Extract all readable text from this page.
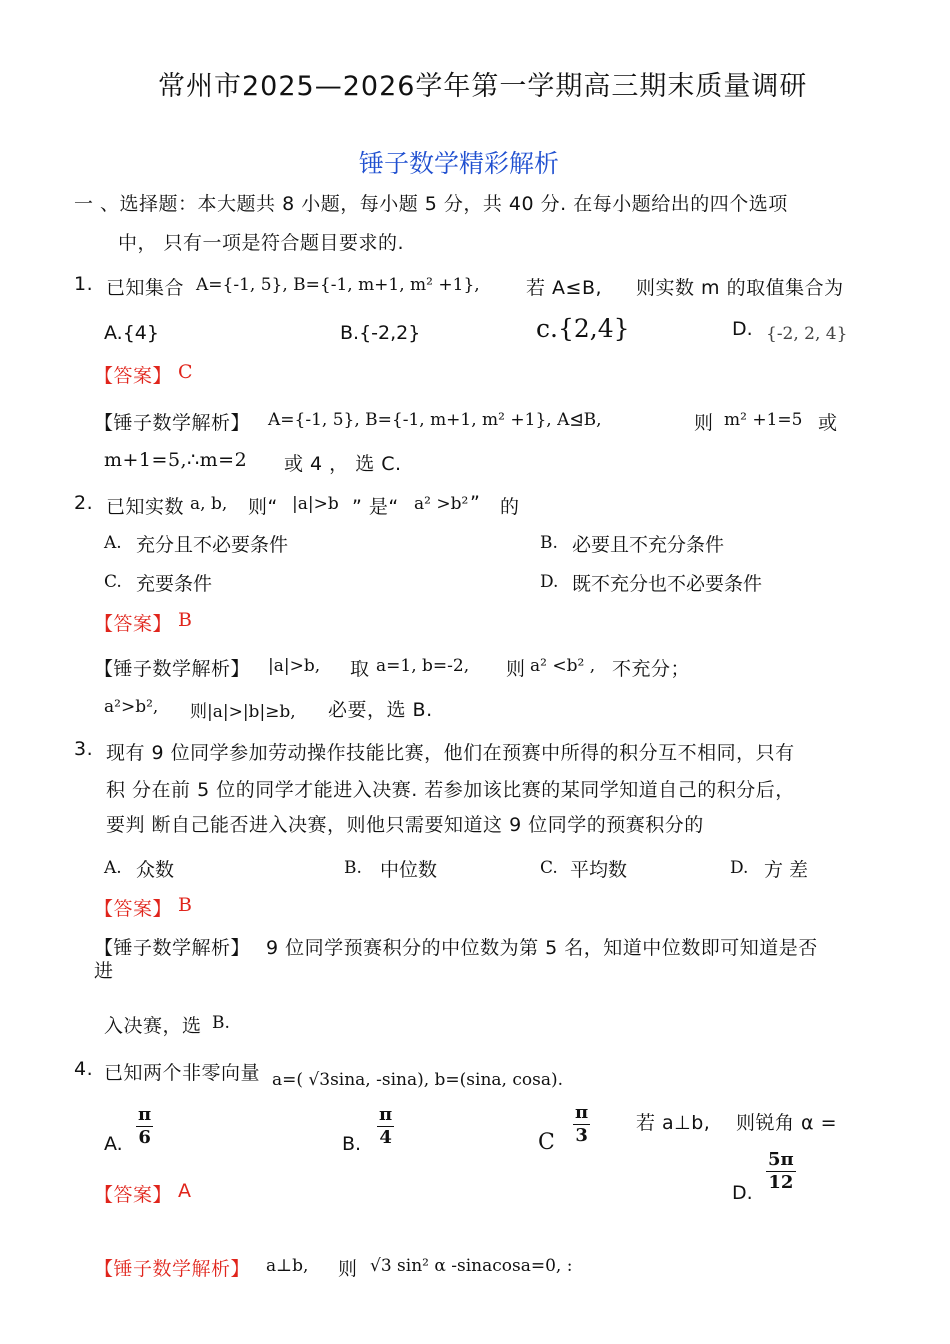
常州市2025—2026学年第一学期高三期末质量调研
锤子数学精彩解析
一 、选择题：本大题共 8 小题，每小题 5 分，共 40 分. 在每小题给出的四个选项
中， 只有一项是符合题目要求的.
1. 已知集合 A={-1, 5}, B={-1, m+1, m² +1}, 若 A≤B, 则实数 m 的取值集合为
A.{4}	B.{-2,2}	c.{2,4}	D. {-2, 2, 4}
【答案】 C
【锤子数学解析】 A={-1, 5}, B={-1, m+1, m² +1}, A⊴B,	则 m² +1=5 或
m+1=5,∴m=2 或 4 ， 选 C.
2. 已知实数 a, b, 则“ |a|>b ” 是“ a² >b² ” 的
A. 充分且不必要条件	B. 必要且不充分条件
C. 充要条件	D. 既不充分也不必要条件
【答案】 B
【锤子数学解析】 |a|>b, 取 a=1, b=-2, 则 a² <b² , 不充分；
a²>b², 则|a|>|b|≥b, 必要，选 B.
3. 现有 9 位同学参加劳动操作技能比赛，他们在预赛中所得的积分互不相同，只有
积 分在前 5 位的同学才能进入决赛. 若参加该比赛的某同学知道自己的积分后，
要判 断自己能否进入决赛，则他只需要知道这 9 位同学的预赛积分的
A. 众数	B. 中位数	C. 平均数	D. 方 差
【答案】 B
【锤子数学解析】 9 位同学预赛积分的中位数为第 5 名，知道中位数即可知道是否
进
入决赛，选 B.
4. 已知两个非零向量 a=( √3sina, -sina), b=(sina, cosa).
若 a⊥b, 则锐角 α =
A.
π
6	B.
π
4	C
π
3
D.
5π
12
【答案】 A
【锤子数学解析】 a⊥b, 则 √3 sin² α -sinacosa=0, :
